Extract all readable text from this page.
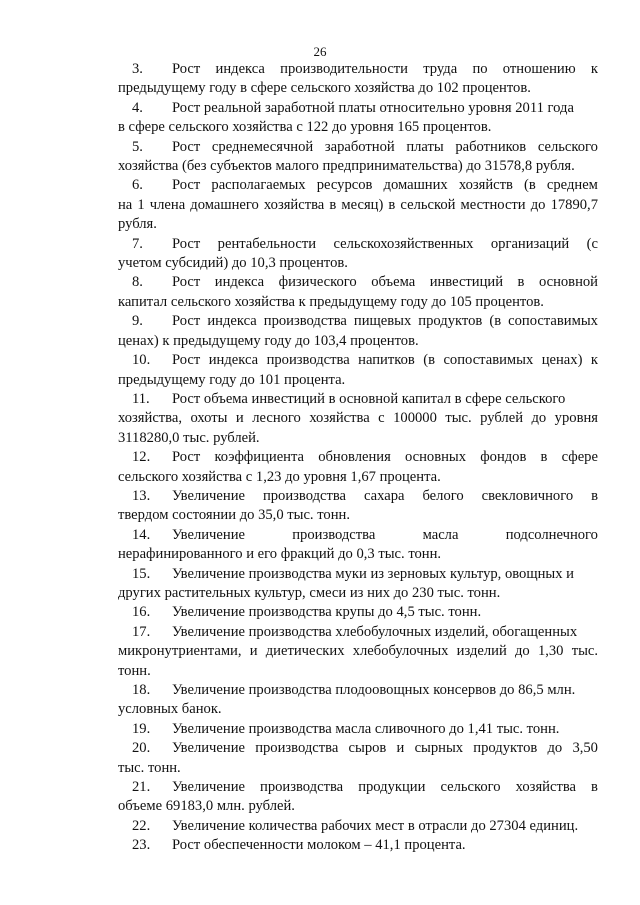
26
3.	Рост индекса производительности труда по отношению к
предыдущему году в сфере сельского хозяйства до 102 процентов.
4.	Рост реальной заработной платы относительно уровня 2011 года
в сфере сельского хозяйства с 122 до уровня 165 процентов.
5.	Рост среднемесячной заработной платы работников сельского
хозяйства (без субъектов малого предпринимательства) до 31578,8 рубля.
6.	Рост располагаемых ресурсов домашних хозяйств (в среднем
на 1 члена домашнего хозяйства в месяц) в сельской местности до 17890,7 рубля.
7.	Рост рентабельности сельскохозяйственных организаций (с
учетом субсидий) до 10,3 процентов.
8.	Рост индекса физического объема инвестиций в основной
капитал сельского хозяйства к предыдущему году до 105 процентов.
9.	Рост индекса производства пищевых продуктов (в сопоставимых
ценах) к предыдущему году до 103,4 процентов.
10.	Рост индекса производства напитков (в сопоставимых ценах) к
предыдущему году до 101 процента.
11.	Рост объема инвестиций в основной капитал в сфере сельского
хозяйства, охоты и лесного хозяйства с 100000 тыс. рублей до уровня 3118280,0 тыс. рублей.
12.	Рост коэффициента обновления основных фондов в сфере
сельского хозяйства с 1,23 до уровня 1,67 процента.
13.	Увеличение производства сахара белого свекловичного в
твердом состоянии до 35,0 тыс. тонн.
14.	Увеличение	производства	масла	подсолнечного
нерафинированного и его фракций до 0,3 тыс. тонн.
15.	Увеличение производства муки из зерновых культур, овощных и
других растительных культур, смеси из них до 230 тыс. тонн.
16.	Увеличение производства крупы до 4,5 тыс. тонн.
17.	Увеличение производства хлебобулочных изделий, обогащенных
микронутриентами, и диетических хлебобулочных изделий до 1,30 тыс. тонн.
18.	Увеличение производства плодоовощных консервов до 86,5 млн.
условных банок.
19.	Увеличение производства масла сливочного до 1,41 тыс. тонн.
20.	Увеличение производства сыров и сырных продуктов до 3,50
тыс. тонн.
21.	Увеличение производства продукции сельского хозяйства в
объеме 69183,0 млн. рублей.
22.	Увеличение количества рабочих мест в отрасли до 27304 единиц.
23.	Рост обеспеченности молоком – 41,1 процента.
